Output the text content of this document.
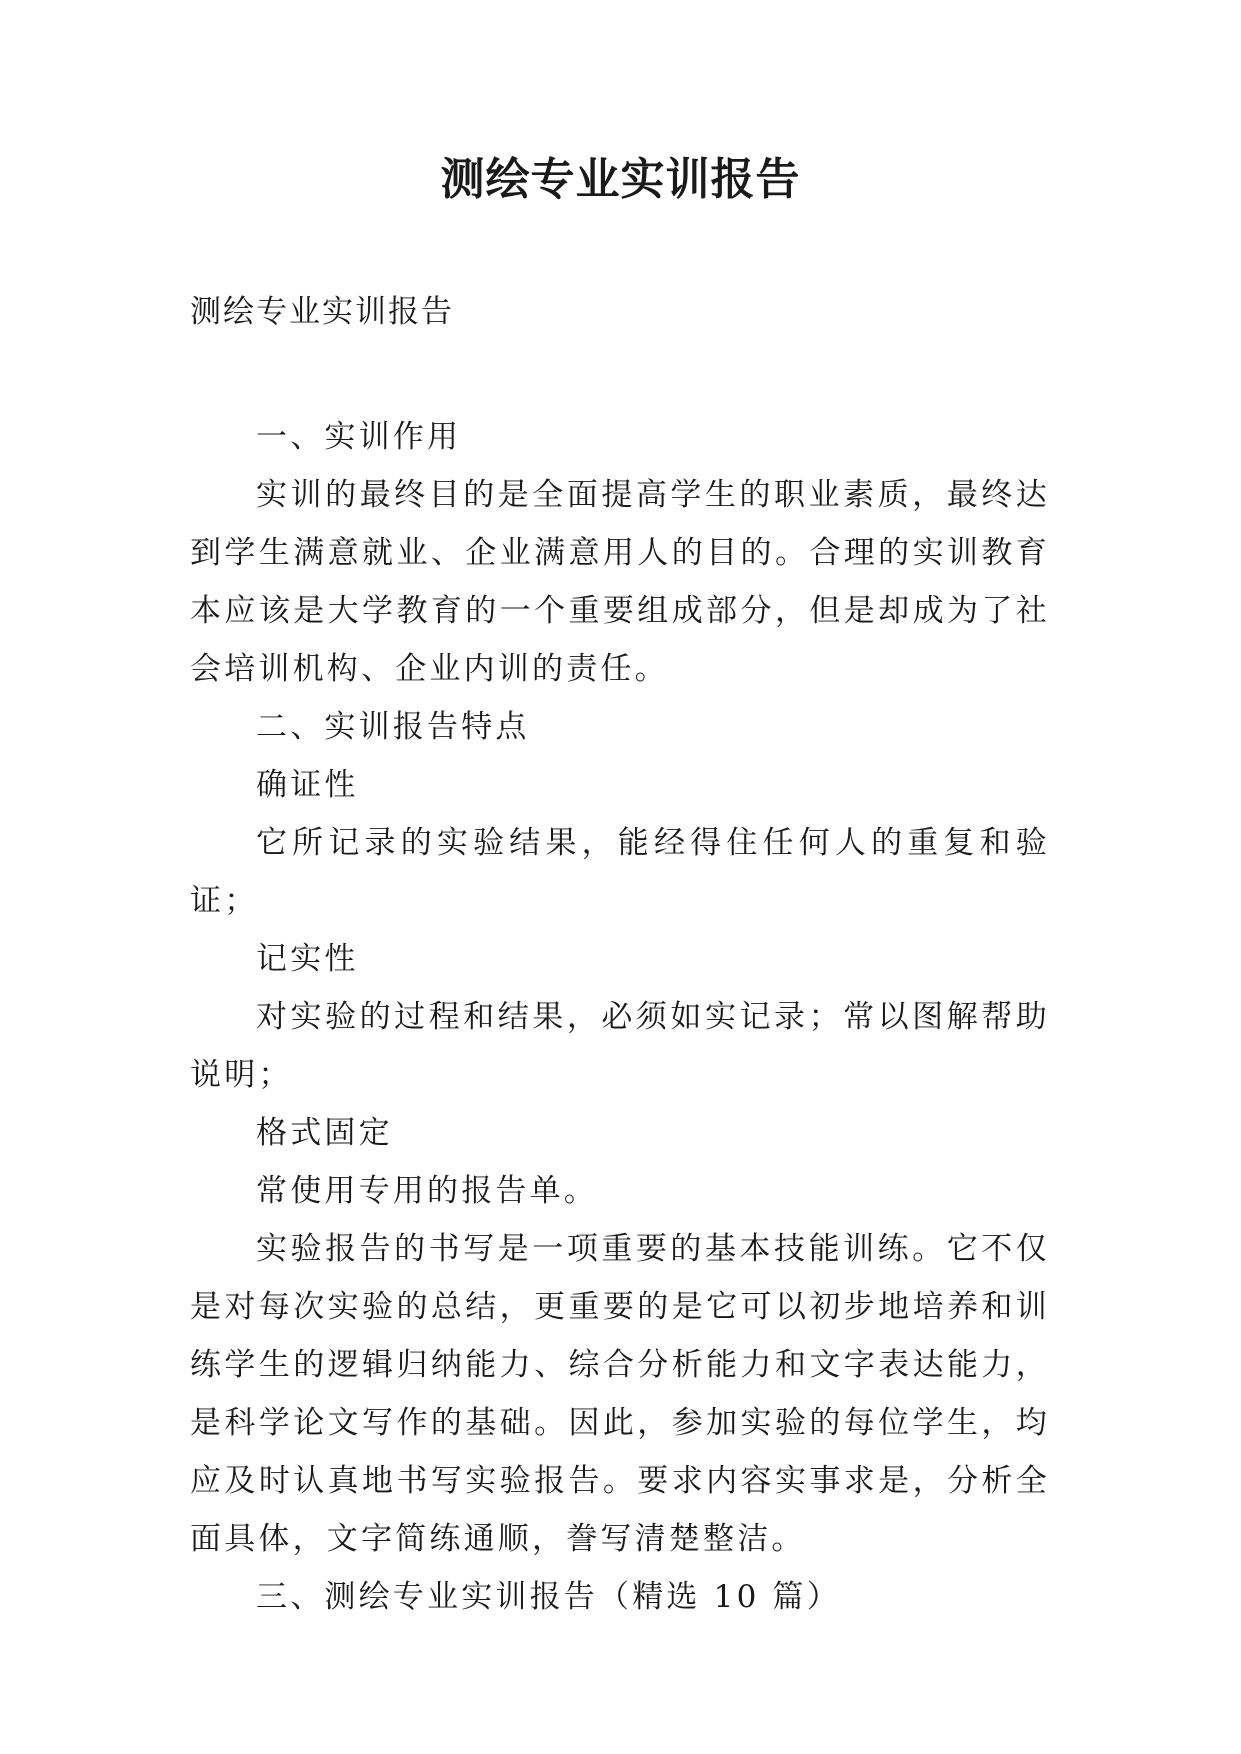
测绘专业实训报告
测绘专业实训报告

一、实训作用

实训的最终目的是全面提高学生的职业素质，最终达到学生满意就业、企业满意用人的目的。合理的实训教育本应该是大学教育的一个重要组成部分，但是却成为了社会培训机构、企业内训的责任。

二、实训报告特点

确证性

它所记录的实验结果，能经得住任何人的重复和验证；

记实性

对实验的过程和结果，必须如实记录；常以图解帮助说明；

格式固定

常使用专用的报告单。

实验报告的书写是一项重要的基本技能训练。它不仅是对每次实验的总结，更重要的是它可以初步地培养和训练学生的逻辑归纳能力、综合分析能力和文字表达能力，是科学论文写作的基础。因此，参加实验的每位学生，均应及时认真地书写实验报告。要求内容实事求是，分析全面具体，文字简练通顺，誊写清楚整洁。

三、测绘专业实训报告（精选 10 篇）
